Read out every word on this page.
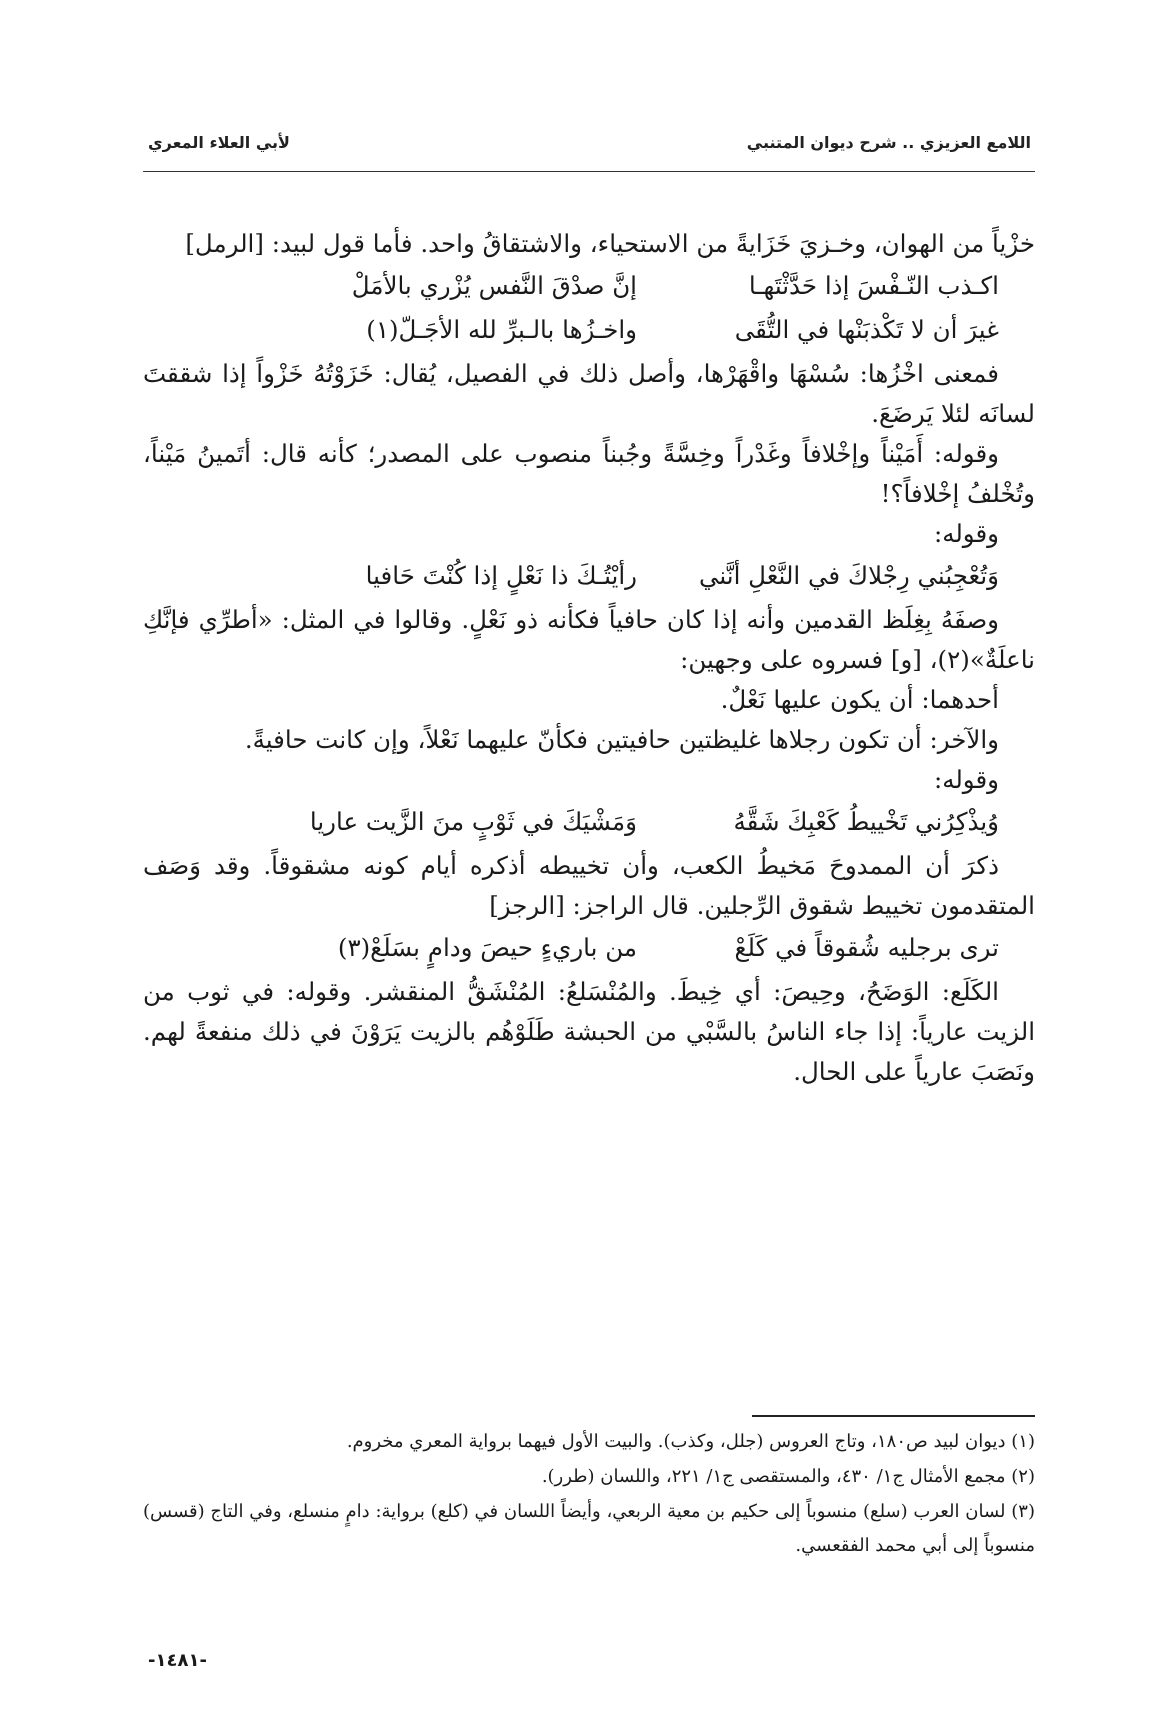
اللامع العزيزي .. شرح ديوان المتنبي
لأبي العلاء المعري

خزْياً من الهوان، وخـزيَ خَزَايةً من الاستحياء، والاشتقاقُ واحد. فأما قول لبيد: [الرمل]

اكـذب النّـفْسَ إذا حَدَّثْتَهـا
إنَّ صدْقَ النَّفس يُزْري بالأمَلْ
غيرَ أن لا تَكْذبَنْها في التُّقَى
واخـزُها بالـبرِّ لله الأجَـلّ(١)

فمعنى اخْزُها: سُسْهَا واقْهَرْها، وأصل ذلك في الفصيل، يُقال: خَزَوْتُهُ خَزْواً إذا شققتَ لسانَه لئلا يَرضَعَ.

وقوله: أَمَيْناً وإخْلافاً وغَدْراً وخِسَّةً وجُبناً منصوب على المصدر؛ كأنه قال: أتَمينُ مَيْناً، وتُخْلفُ إخْلافاً؟!

وقوله:

وَتُعْجِبُني رِجْلاكَ في النَّعْلِ أنَّني
رأيْتُـكَ ذا نَعْلٍ إذا كُنْتَ حَافيا

وصفَهُ بِغِلَظ القدمين وأنه إذا كان حافياً فكأنه ذو نَعْلٍ. وقالوا في المثل: «أطرِّي فإنَّكِ ناعلَةٌ»(٢)، [و] فسروه على وجهين:

أحدهما: أن يكون عليها نَعْلٌ.

والآخر: أن تكون رجلاها غليظتين حافيتين فكأنّ عليهما نَعْلاً، وإن كانت حافيةً.

وقوله:

وُيذْكِرُني تَخْييطُ كَعْبِكَ شَقَّهُ
وَمَشْيَكَ في ثَوْبٍ منَ الزَّيت عاريا

ذكرَ أن الممدوحَ مَخيطُ الكعب، وأن تخييطه أذكره أيام كونه مشقوقاً. وقد وَصَف المتقدمون تخييط شقوق الرِّجلين. قال الراجز: [الرجز]

ترى برجليه شُقوقاً في كَلَعْ
من باريءٍ حيصَ ودامٍ بسَلَعْ(٣)

الكَلَع: الوَضَحُ، وحِيصَ: أي خِيطَ. والمُنْسَلعُ: المُنْشَقُّ المنقشر. وقوله: في ثوب من الزيت عارياً: إذا جاء الناسُ بالسَّبْي من الحبشة طَلَوْهُم بالزيت يَرَوْنَ في ذلك منفعةً لهم. ونَصَبَ عارياً على الحال.

(١) ديوان لبيد ص١٨٠، وتاج العروس (جلل، وكذب). والبيت الأول فيهما برواية المعري مخروم.

(٢) مجمع الأمثال ج١/ ٤٣٠، والمستقصى ج١/ ٢٢١، واللسان (طرر).

(٣) لسان العرب (سلع) منسوباً إلى حكيم بن معية الربعي، وأيضاً اللسان في (كلع) برواية: دامٍ منسلع، وفي التاج (قسس) منسوباً إلى أبي محمد الفقعسي.

-١٤٨١-
